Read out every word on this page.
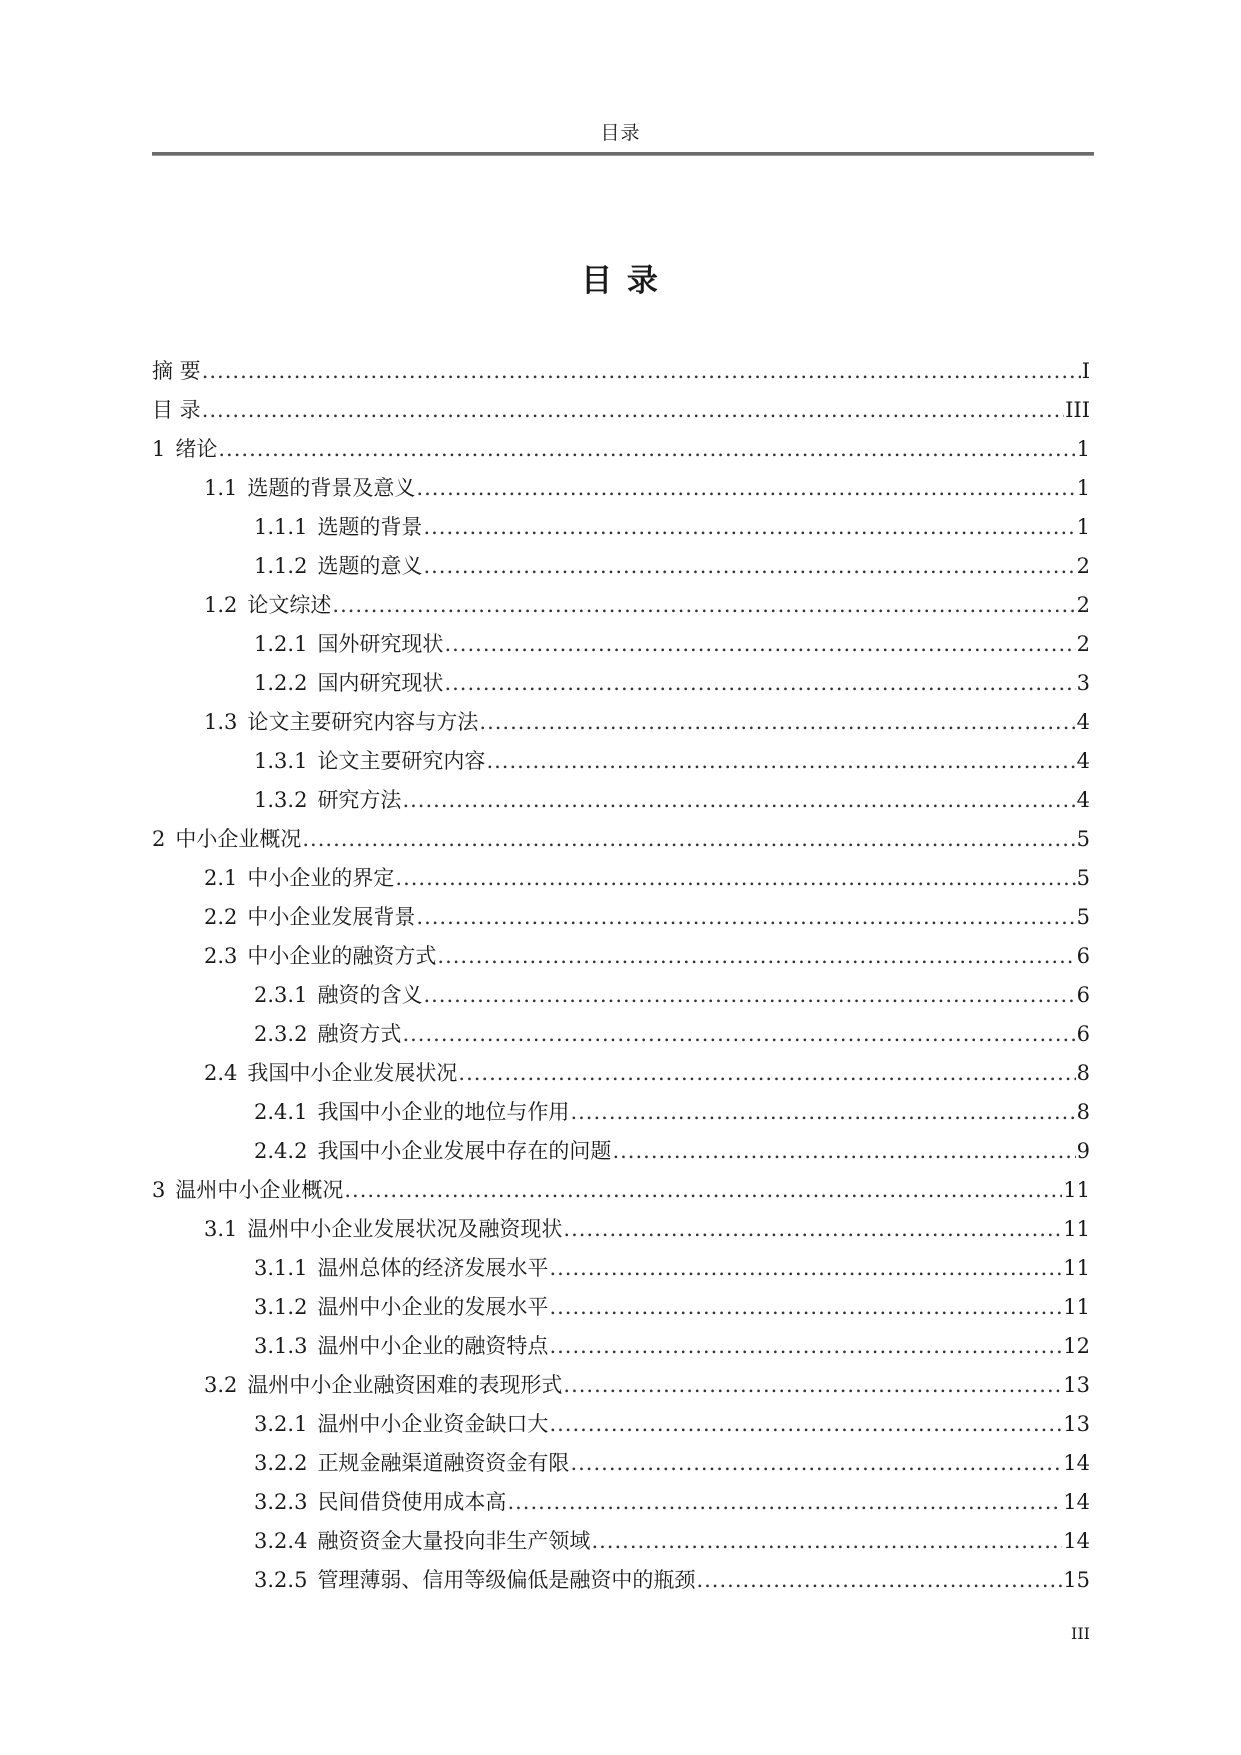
目录
目 录
摘 要 .....	I
目 录 .....	III
1 绪论 .....	1
1.1 选题的背景及意义 .....	1
1.1.1 选题的背景 .....	1
1.1.2 选题的意义 .....	2
1.2 论文综述 .....	2
1.2.1 国外研究现状 .....	2
1.2.2 国内研究现状 .....	3
1.3 论文主要研究内容与方法 .....	4
1.3.1 论文主要研究内容 .....	4
1.3.2 研究方法 .....	4
2 中小企业概况 .....	5
2.1 中小企业的界定 .....	5
2.2 中小企业发展背景 .....	5
2.3 中小企业的融资方式 .....	6
2.3.1 融资的含义 .....	6
2.3.2 融资方式 .....	6
2.4 我国中小企业发展状况 .....	8
2.4.1 我国中小企业的地位与作用 .....	8
2.4.2 我国中小企业发展中存在的问题 .....	9
3 温州中小企业概况 .....	11
3.1 温州中小企业发展状况及融资现状 .....	11
3.1.1 温州总体的经济发展水平 .....	11
3.1.2 温州中小企业的发展水平 .....	11
3.1.3 温州中小企业的融资特点 .....	12
3.2 温州中小企业融资困难的表现形式 .....	13
3.2.1 温州中小企业资金缺口大 .....	13
3.2.2 正规金融渠道融资资金有限 .....	14
3.2.3 民间借贷使用成本高 .....	14
3.2.4 融资资金大量投向非生产领域 .....	14
3.2.5 管理薄弱、信用等级偏低是融资中的瓶颈 .....	15
III
